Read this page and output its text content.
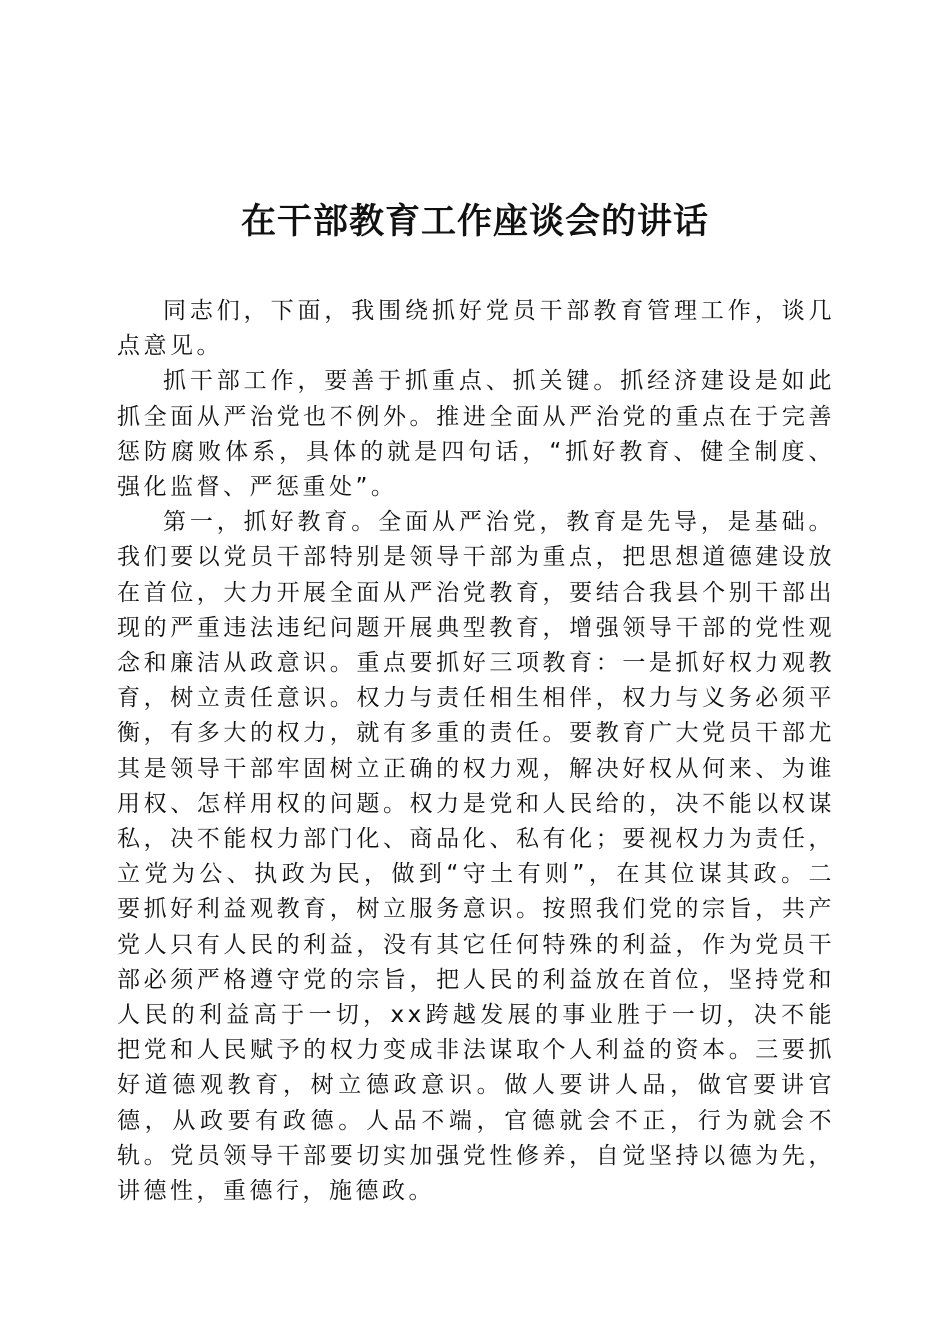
在干部教育工作座谈会的讲话

同志们，下面，我围绕抓好党员干部教育管理工作，谈几点意见。

抓干部工作，要善于抓重点、抓关键。抓经济建设是如此抓全面从严治党也不例外。推进全面从严治党的重点在于完善惩防腐败体系，具体的就是四句话，“抓好教育、健全制度、强化监督、严惩重处”。

第一，抓好教育。全面从严治党，教育是先导，是基础。我们要以党员干部特别是领导干部为重点，把思想道德建设放在首位，大力开展全面从严治党教育，要结合我县个别干部出现的严重违法违纪问题开展典型教育，增强领导干部的党性观念和廉洁从政意识。重点要抓好三项教育：一是抓好权力观教育，树立责任意识。权力与责任相生相伴，权力与义务必须平衡，有多大的权力，就有多重的责任。要教育广大党员干部尤其是领导干部牢固树立正确的权力观，解决好权从何来、为谁用权、怎样用权的问题。权力是党和人民给的，决不能以权谋私，决不能权力部门化、商品化、私有化；要视权力为责任，立党为公、执政为民，做到“守土有则”，在其位谋其政。二要抓好利益观教育，树立服务意识。按照我们党的宗旨，共产党人只有人民的利益，没有其它任何特殊的利益，作为党员干部必须严格遵守党的宗旨，把人民的利益放在首位，坚持党和人民的利益高于一切，xx跨越发展的事业胜于一切，决不能把党和人民赋予的权力变成非法谋取个人利益的资本。三要抓好道德观教育，树立德政意识。做人要讲人品，做官要讲官德，从政要有政德。人品不端，官德就会不正，行为就会不轨。党员领导干部要切实加强党性修养，自觉坚持以德为先，讲德性，重德行，施德政。
